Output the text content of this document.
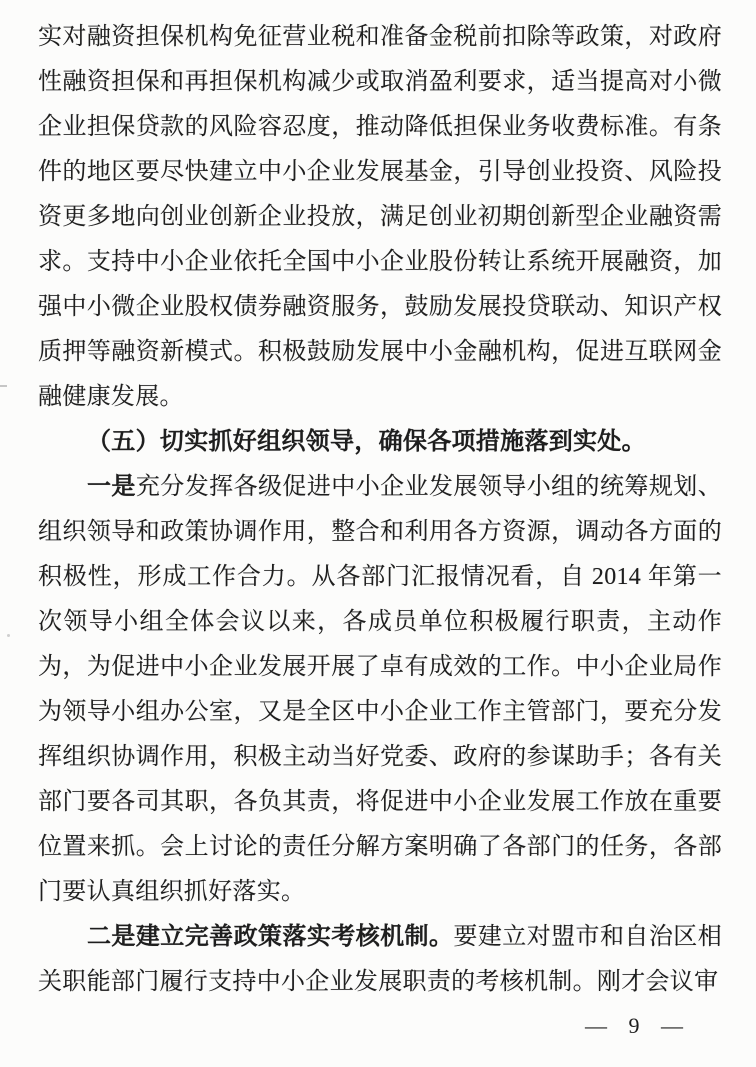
实对融资担保机构免征营业税和准备金税前扣除等政策，对政府性融资担保和再担保机构减少或取消盈利要求，适当提高对小微企业担保贷款的风险容忍度，推动降低担保业务收费标准。有条件的地区要尽快建立中小企业发展基金，引导创业投资、风险投资更多地向创业创新企业投放，满足创业初期创新型企业融资需求。支持中小企业依托全国中小企业股份转让系统开展融资，加强中小微企业股权债券融资服务，鼓励发展投贷联动、知识产权质押等融资新模式。积极鼓励发展中小金融机构，促进互联网金融健康发展。

（五）切实抓好组织领导，确保各项措施落到实处。

一是充分发挥各级促进中小企业发展领导小组的统筹规划、组织领导和政策协调作用，整合和利用各方资源，调动各方面的积极性，形成工作合力。从各部门汇报情况看，自 2014 年第一次领导小组全体会议以来，各成员单位积极履行职责，主动作为，为促进中小企业发展开展了卓有成效的工作。中小企业局作为领导小组办公室，又是全区中小企业工作主管部门，要充分发挥组织协调作用，积极主动当好党委、政府的参谋助手；各有关部门要各司其职，各负其责，将促进中小企业发展工作放在重要位置来抓。会上讨论的责任分解方案明确了各部门的任务，各部门要认真组织抓好落实。

二是建立完善政策落实考核机制。要建立对盟市和自治区相关职能部门履行支持中小企业发展职责的考核机制。刚才会议审

— 9 —
